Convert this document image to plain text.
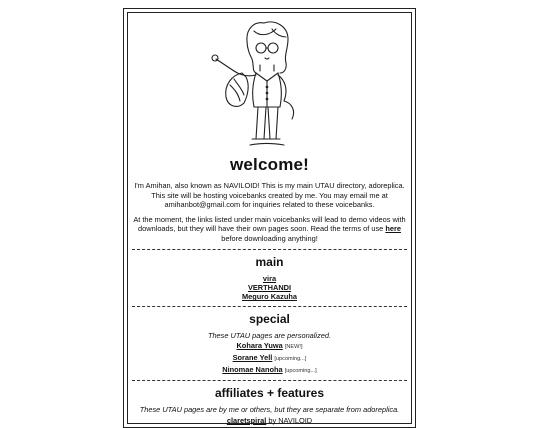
welcome!

I'm Amihan, also known as NAVILOID! This is my main UTAU directory, adoreplica. This site will be hosting voicebanks created by me. You may email me at amihanbot@gmail.com for inquiries related to these voicebanks.

At the moment, the links listed under main voicebanks will lead to demo videos with downloads, but they will have their own pages soon. Read the terms of use here before downloading anything!

main
vira
VERTHANDI
Meguro Kazuha
special

These UTAU pages are personalized.

Kohara Yuwa [NEW!]
Sorane Yell [upcoming...]
Ninomae Nanoha [upcoming...]
affiliates + features

These UTAU pages are by me or others, but they are separate from adoreplica.

claretspiral by NAVILOID
